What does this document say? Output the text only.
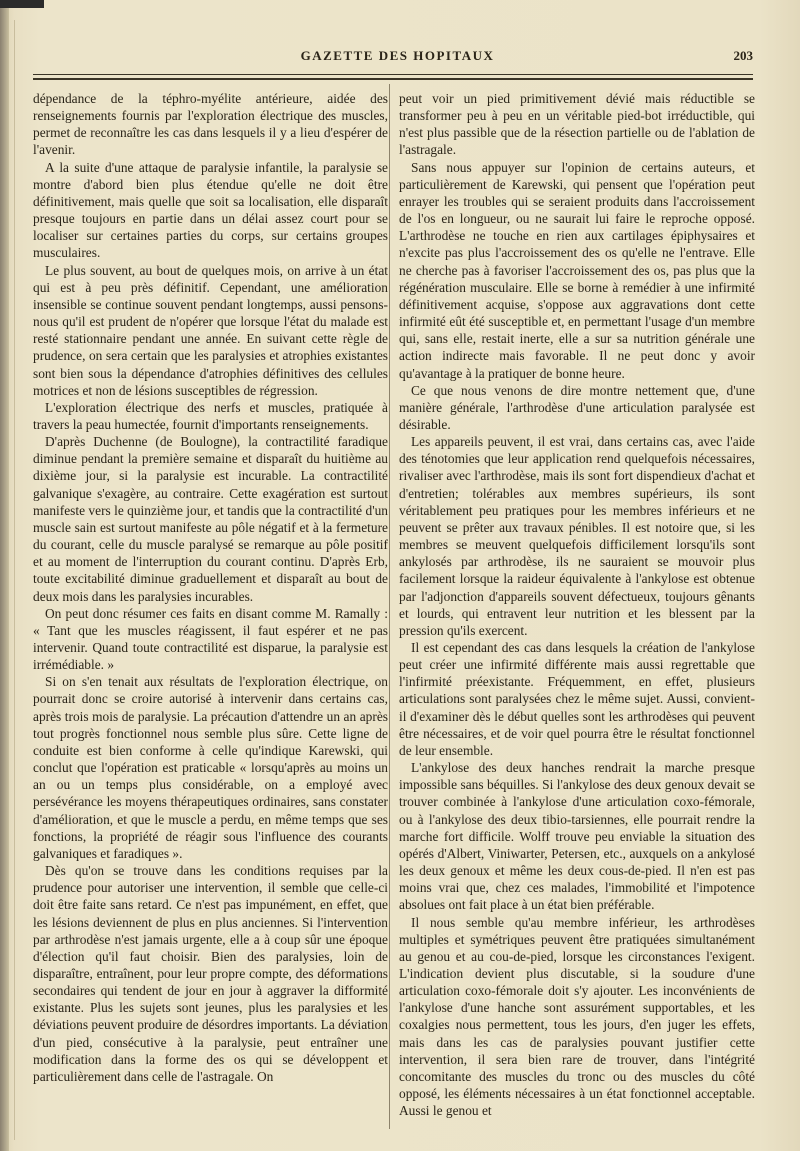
GAZETTE DES HOPITAUX	203

dépendance de la téphro-myélite antérieure, aidée des renseignements fournis par l'exploration électrique des muscles, permet de reconnaître les cas dans lesquels il y a lieu d'espérer de l'avenir.

A la suite d'une attaque de paralysie infantile, la paralysie se montre d'abord bien plus étendue qu'elle ne doit être définitivement, mais quelle que soit sa localisation, elle disparaît presque toujours en partie dans un délai assez court pour se localiser sur certaines parties du corps, sur certains groupes musculaires.

Le plus souvent, au bout de quelques mois, on arrive à un état qui est à peu près définitif. Cependant, une amélioration insensible se continue souvent pendant longtemps, aussi pensons-nous qu'il est prudent de n'opérer que lorsque l'état du malade est resté stationnaire pendant une année. En suivant cette règle de prudence, on sera certain que les paralysies et atrophies existantes sont bien sous la dépendance d'atrophies définitives des cellules motrices et non de lésions susceptibles de régression.

L'exploration électrique des nerfs et muscles, pratiquée à travers la peau humectée, fournit d'importants renseignements.

D'après Duchenne (de Boulogne), la contractilité faradique diminue pendant la première semaine et disparaît du huitième au dixième jour, si la paralysie est incurable. La contractilité galvanique s'exagère, au contraire. Cette exagération est surtout manifeste vers le quinzième jour, et tandis que la contractilité d'un muscle sain est surtout manifeste au pôle négatif et à la fermeture du courant, celle du muscle paralysé se remarque au pôle positif et au moment de l'interruption du courant continu. D'après Erb, toute excitabilité diminue graduellement et disparaît au bout de deux mois dans les paralysies incurables.

On peut donc résumer ces faits en disant comme M. Ramally : « Tant que les muscles réagissent, il faut espérer et ne pas intervenir. Quand toute contractilité est disparue, la paralysie est irrémédiable. »

Si on s'en tenait aux résultats de l'exploration électrique, on pourrait donc se croire autorisé à intervenir dans certains cas, après trois mois de paralysie. La précaution d'attendre un an après tout progrès fonctionnel nous semble plus sûre. Cette ligne de conduite est bien conforme à celle qu'indique Karewski, qui conclut que l'opération est praticable « lorsqu'après au moins un an ou un temps plus considérable, on a employé avec persévérance les moyens thérapeutiques ordinaires, sans constater d'amélioration, et que le muscle a perdu, en même temps que ses fonctions, la propriété de réagir sous l'influence des courants galvaniques et faradiques ».

Dès qu'on se trouve dans les conditions requises par la prudence pour autoriser une intervention, il semble que celle-ci doit être faite sans retard. Ce n'est pas impunément, en effet, que les lésions deviennent de plus en plus anciennes. Si l'intervention par arthrodèse n'est jamais urgente, elle a à coup sûr une époque d'élection qu'il faut choisir. Bien des paralysies, loin de disparaître, entraînent, pour leur propre compte, des déformations secondaires qui tendent de jour en jour à aggraver la difformité existante. Plus les sujets sont jeunes, plus les paralysies et les déviations peuvent produire de désordres importants. La déviation d'un pied, consécutive à la paralysie, peut entraîner une modification dans la forme des os qui se développent et particulièrement dans celle de l'astragale. On

peut voir un pied primitivement dévié mais réductible se transformer peu à peu en un véritable pied-bot irréductible, qui n'est plus passible que de la résection partielle ou de l'ablation de l'astragale.

Sans nous appuyer sur l'opinion de certains auteurs, et particulièrement de Karewski, qui pensent que l'opération peut enrayer les troubles qui se seraient produits dans l'accroissement de l'os en longueur, ou ne saurait lui faire le reproche opposé. L'arthrodèse ne touche en rien aux cartilages épiphysaires et n'excite pas plus l'accroissement des os qu'elle ne l'entrave. Elle ne cherche pas à favoriser l'accroissement des os, pas plus que la régénération musculaire. Elle se borne à remédier à une infirmité définitivement acquise, s'oppose aux aggravations dont cette infirmité eût été susceptible et, en permettant l'usage d'un membre qui, sans elle, restait inerte, elle a sur sa nutrition générale une action indirecte mais favorable. Il ne peut donc y avoir qu'avantage à la pratiquer de bonne heure.

Ce que nous venons de dire montre nettement que, d'une manière générale, l'arthrodèse d'une articulation paralysée est désirable.

Les appareils peuvent, il est vrai, dans certains cas, avec l'aide des ténotomies que leur application rend quelquefois nécessaires, rivaliser avec l'arthrodèse, mais ils sont fort dispendieux d'achat et d'entretien; tolérables aux membres supérieurs, ils sont véritablement peu pratiques pour les membres inférieurs et ne peuvent se prêter aux travaux pénibles. Il est notoire que, si les membres se meuvent quelquefois difficilement lorsqu'ils sont ankylosés par arthrodèse, ils ne sauraient se mouvoir plus facilement lorsque la raideur équivalente à l'ankylose est obtenue par l'adjonction d'appareils souvent défectueux, toujours gênants et lourds, qui entravent leur nutrition et les blessent par la pression qu'ils exercent.

Il est cependant des cas dans lesquels la création de l'ankylose peut créer une infirmité différente mais aussi regrettable que l'infirmité préexistante. Fréquemment, en effet, plusieurs articulations sont paralysées chez le même sujet. Aussi, convient-il d'examiner dès le début quelles sont les arthrodèses qui peuvent être nécessaires, et de voir quel pourra être le résultat fonctionnel de leur ensemble.

L'ankylose des deux hanches rendrait la marche presque impossible sans béquilles. Si l'ankylose des deux genoux devait se trouver combinée à l'ankylose d'une articulation coxo-fémorale, ou à l'ankylose des deux tibio-tarsiennes, elle pourrait rendre la marche fort difficile. Wolff trouve peu enviable la situation des opérés d'Albert, Viniwarter, Petersen, etc., auxquels on a ankylosé les deux genoux et même les deux cous-de-pied. Il n'en est pas moins vrai que, chez ces malades, l'immobilité et l'impotence absolues ont fait place à un état bien préférable.

Il nous semble qu'au membre inférieur, les arthrodèses multiples et symétriques peuvent être pratiquées simultanément au genou et au cou-de-pied, lorsque les circonstances l'exigent. L'indication devient plus discutable, si la soudure d'une articulation coxo-fémorale doit s'y ajouter. Les inconvénients de l'ankylose d'une hanche sont assurément supportables, et les coxalgies nous permettent, tous les jours, d'en juger les effets, mais dans les cas de paralysies pouvant justifier cette intervention, il sera bien rare de trouver, dans l'intégrité concomitante des muscles du tronc ou des muscles du côté opposé, les éléments nécessaires à un état fonctionnel acceptable. Aussi le genou et
